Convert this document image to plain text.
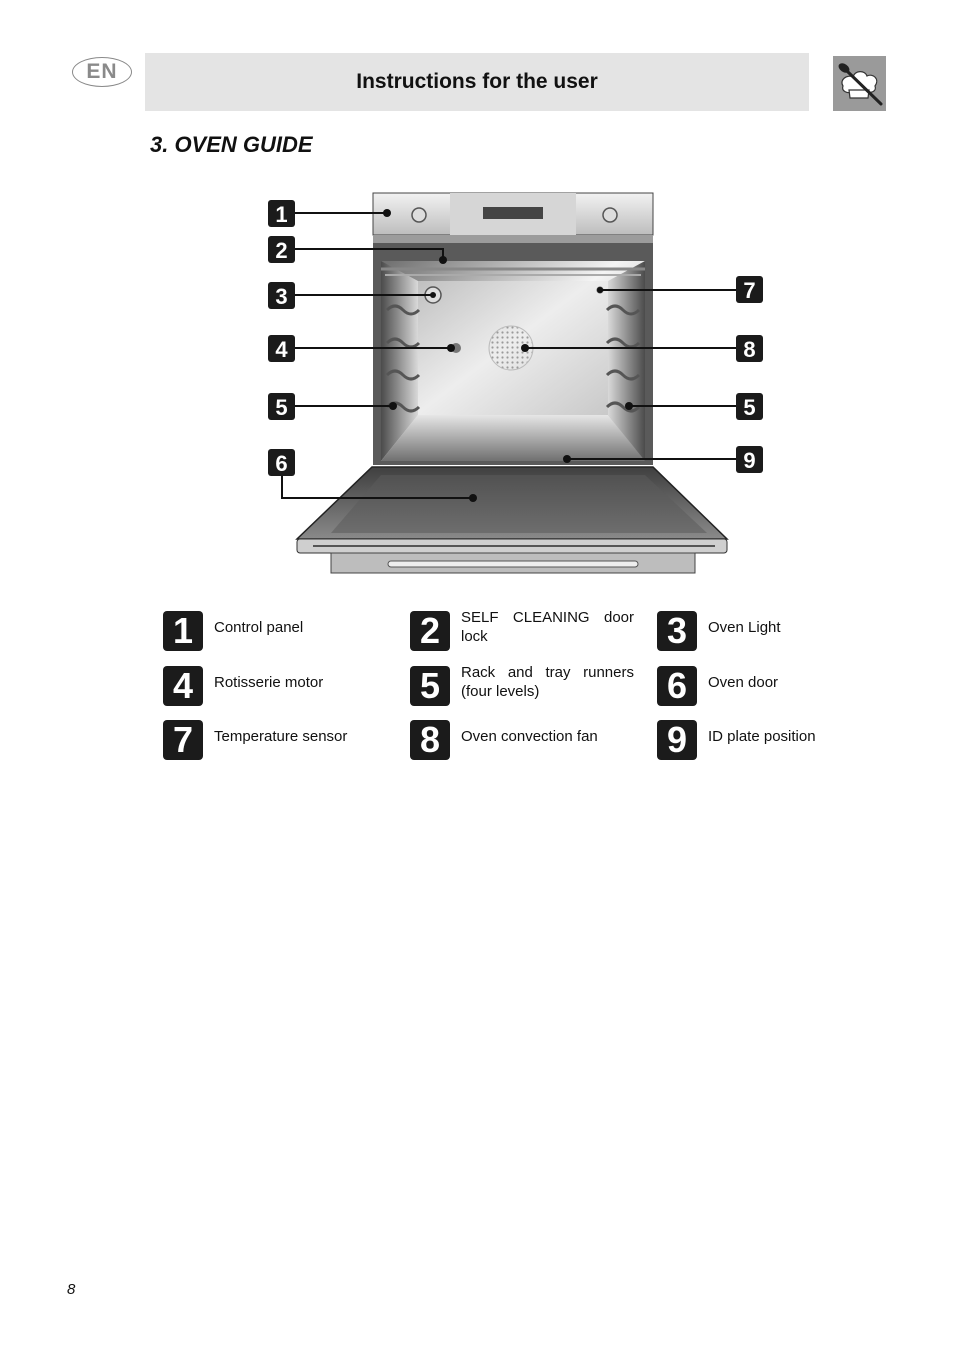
EN	Instructions for the user
3. OVEN GUIDE
1
2
3
4
5
6
7
8
5
9
1	Control panel	2	SELF CLEANING door lock	3	Oven Light
4	Rotisserie motor	5	Rack and tray runners (four levels)	6	Oven door
7	Temperature sensor	8	Oven convection fan	9	ID plate position
8
